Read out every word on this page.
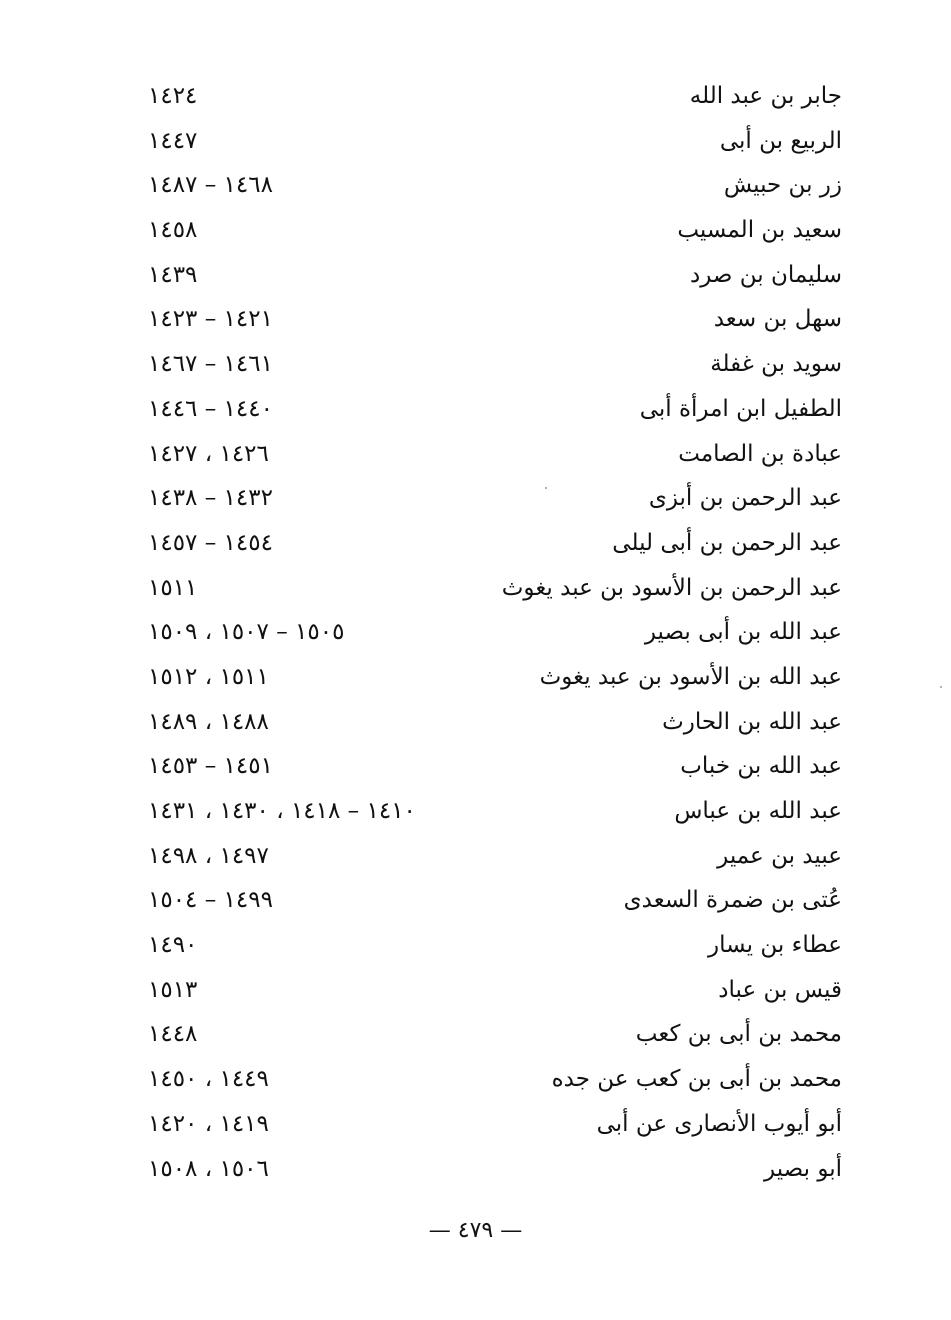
جابر بن عبد الله
١٤٢٤
الربيع بن أبى
١٤٤٧
زر بن حبيش
١٤٦٨ – ١٤٨٧
سعيد بن المسيب
١٤٥٨
سليمان بن صرد
١٤٣٩
سهل بن سعد
١٤٢١ – ١٤٢٣
سويد بن غفلة
١٤٦١ – ١٤٦٧
الطفيل ابن امرأة أبى
١٤٤٠ – ١٤٤٦
عبادة بن الصامت
١٤٢٦ ، ١٤٢٧
عبد الرحمن بن أبزى
١٤٣٢ – ١٤٣٨
عبد الرحمن بن أبى ليلى
١٤٥٤ – ١٤٥٧
عبد الرحمن بن الأسود بن عبد يغوث
١٥١١
عبد الله بن أبى بصير
١٥٠٥ – ١٥٠٧ ، ١٥٠٩
عبد الله بن الأسود بن عبد يغوث
١٥١١ ، ١٥١٢
عبد الله بن الحارث
١٤٨٨ ، ١٤٨٩
عبد الله بن خباب
١٤٥١ – ١٤٥٣
عبد الله بن عباس
١٤١٠ – ١٤١٨ ، ١٤٣٠ ، ١٤٣١
عبيد بن عمير
١٤٩٧ ، ١٤٩٨
عُتى بن ضمرة السعدى
١٤٩٩ – ١٥٠٤
عطاء بن يسار
١٤٩٠
قيس بن عباد
١٥١٣
محمد بن أبى بن كعب
١٤٤٨
محمد بن أبى بن كعب عن جده
١٤٤٩ ، ١٤٥٠
أبو أيوب الأنصارى عن أبى
١٤١٩ ، ١٤٢٠
أبو بصير
١٥٠٦ ، ١٥٠٨
— ٤٧٩ —
